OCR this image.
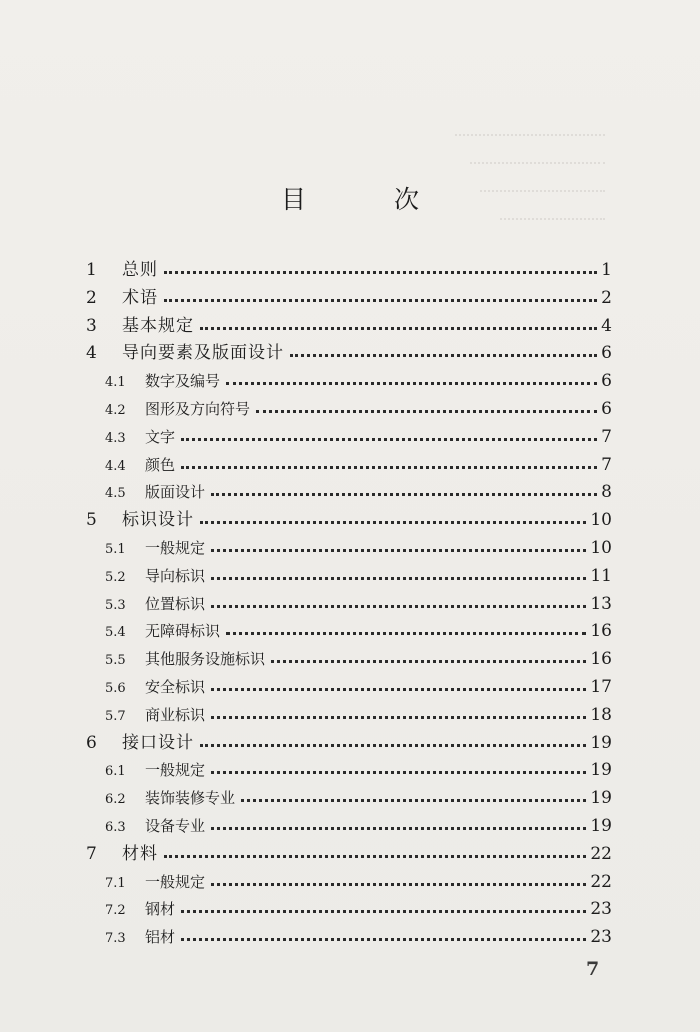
目 次
1	总则	1
2	术语	2
3	基本规定	4
4	导向要素及版面设计	6
4.1	数字及编号	6
4.2	图形及方向符号	6
4.3	文字	7
4.4	颜色	7
4.5	版面设计	8
5	标识设计	10
5.1	一般规定	10
5.2	导向标识	11
5.3	位置标识	13
5.4	无障碍标识	16
5.5	其他服务设施标识	16
5.6	安全标识	17
5.7	商业标识	18
6	接口设计	19
6.1	一般规定	19
6.2	装饰装修专业	19
6.3	设备专业	19
7	材料	22
7.1	一般规定	22
7.2	钢材	23
7.3	铝材	23
7
